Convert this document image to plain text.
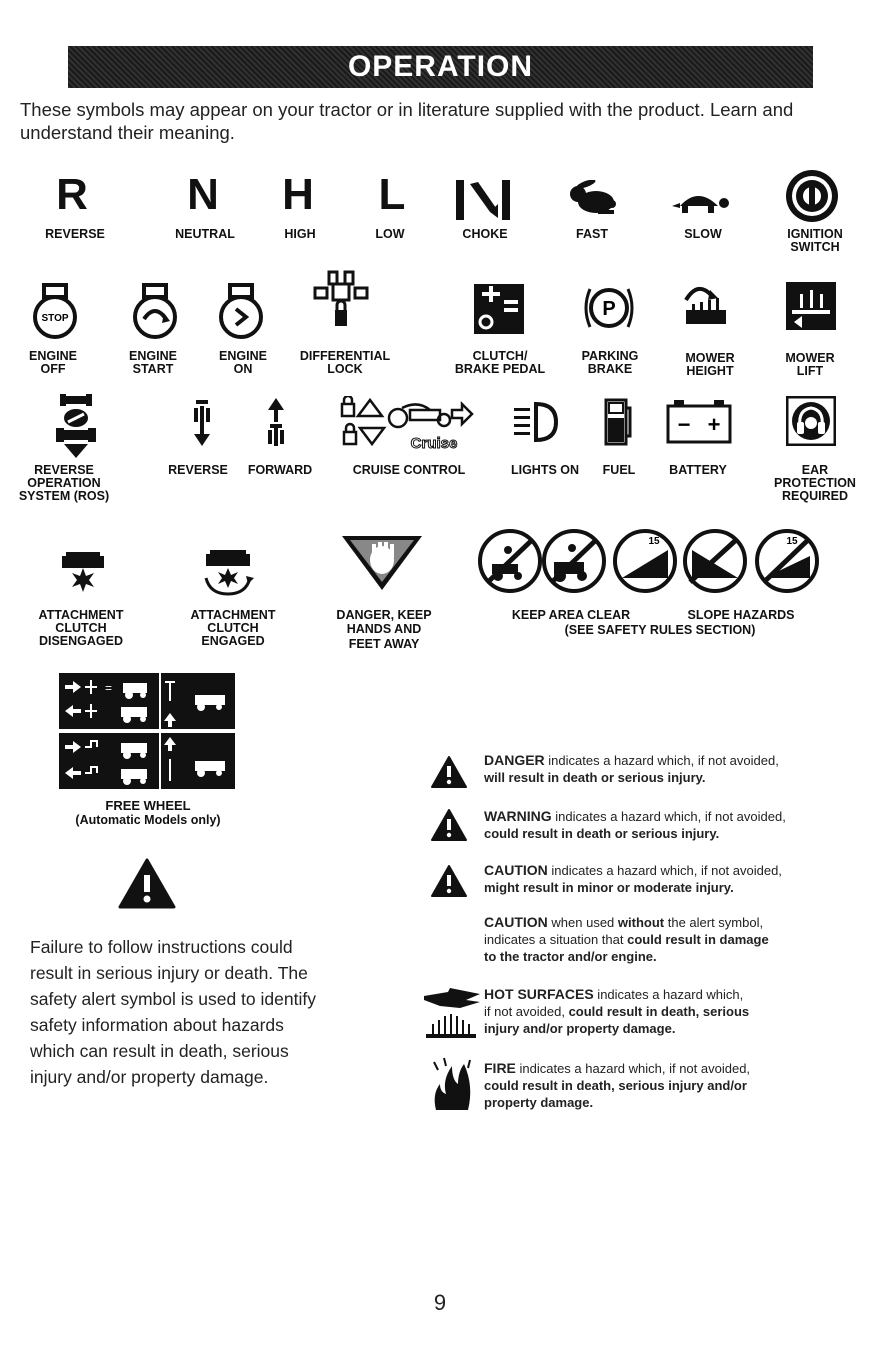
OPERATION
These symbols may appear on your tractor or in literature supplied with the product. Learn and understand their meaning.
R	N	H	L
REVERSE	NEUTRAL	HIGH	LOW	CHOKE	FAST	SLOW	IGNITION
SWITCH
STOP	P
ENGINE
OFF
ENGINE
START
ENGINE
ON
DIFFERENTIAL
LOCK
CLUTCH/
BRAKE PEDAL
PARKING
BRAKE
MOWER
HEIGHT
MOWER
LIFT
Cruise
− +
REVERSE
OPERATION
SYSTEM (ROS)
REVERSE	FORWARD	CRUISE CONTROL	LIGHTS ON	FUEL	BATTERY	EAR
PROTECTION
REQUIRED
15	15
ATTACHMENT
CLUTCH
DISENGAGED
ATTACHMENT
CLUTCH
ENGAGED
DANGER, KEEP
HANDS AND
FEET AWAY
KEEP AREA CLEAR	SLOPE HAZARDS
(SEE SAFETY RULES SECTION)
=
FREE WHEEL
(Automatic Models only)
Failure to follow instructions could result in serious injury or death. The safety alert symbol is used to identify safety information about hazards which can result in death, serious injury and/or property damage.
DANGER indicates a hazard which, if not avoided,
will result in death or serious injury.
WARNING indicates a hazard which, if not avoided,
could result in death or serious injury.
CAUTION indicates a hazard which, if not avoided,
might result in minor or moderate injury.
CAUTION when used without the alert symbol,
indicates a situation that could result in damage
to the tractor and/or engine.
HOT SURFACES indicates a hazard which,
if not avoided, could result in death, serious
injury and/or property damage.
FIRE indicates a hazard which, if not avoided,
could result in death, serious injury and/or
property damage.
9
